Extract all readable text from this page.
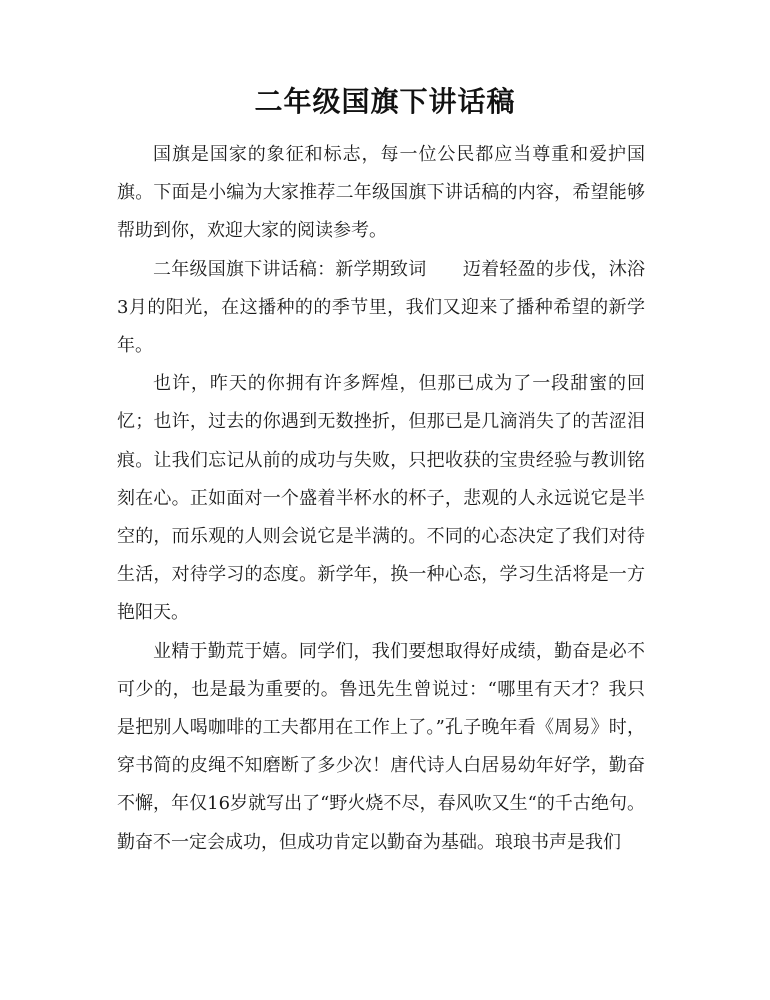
二年级国旗下讲话稿

国旗是国家的象征和标志，每一位公民都应当尊重和爱护国旗。下面是小编为大家推荐二年级国旗下讲话稿的内容，希望能够帮助到你，欢迎大家的阅读参考。

二年级国旗下讲话稿：新学期致词　　迈着轻盈的步伐，沐浴3月的阳光，在这播种的的季节里，我们又迎来了播种希望的新学年。

也许，昨天的你拥有许多辉煌，但那已成为了一段甜蜜的回忆；也许，过去的你遇到无数挫折，但那已是几滴消失了的苦涩泪痕。让我们忘记从前的成功与失败，只把收获的宝贵经验与教训铭刻在心。正如面对一个盛着半杯水的杯子，悲观的人永远说它是半空的，而乐观的人则会说它是半满的。不同的心态决定了我们对待生活，对待学习的态度。新学年，换一种心态，学习生活将是一方艳阳天。

业精于勤荒于嬉。同学们，我们要想取得好成绩，勤奋是必不可少的，也是最为重要的。鲁迅先生曾说过：“哪里有天才？我只是把别人喝咖啡的工夫都用在工作上了。”孔子晚年看《周易》时，穿书简的皮绳不知磨断了多少次！唐代诗人白居易幼年好学，勤奋不懈，年仅16岁就写出了“野火烧不尽，春风吹又生“的千古绝句。勤奋不一定会成功，但成功肯定以勤奋为基础。琅琅书声是我们
